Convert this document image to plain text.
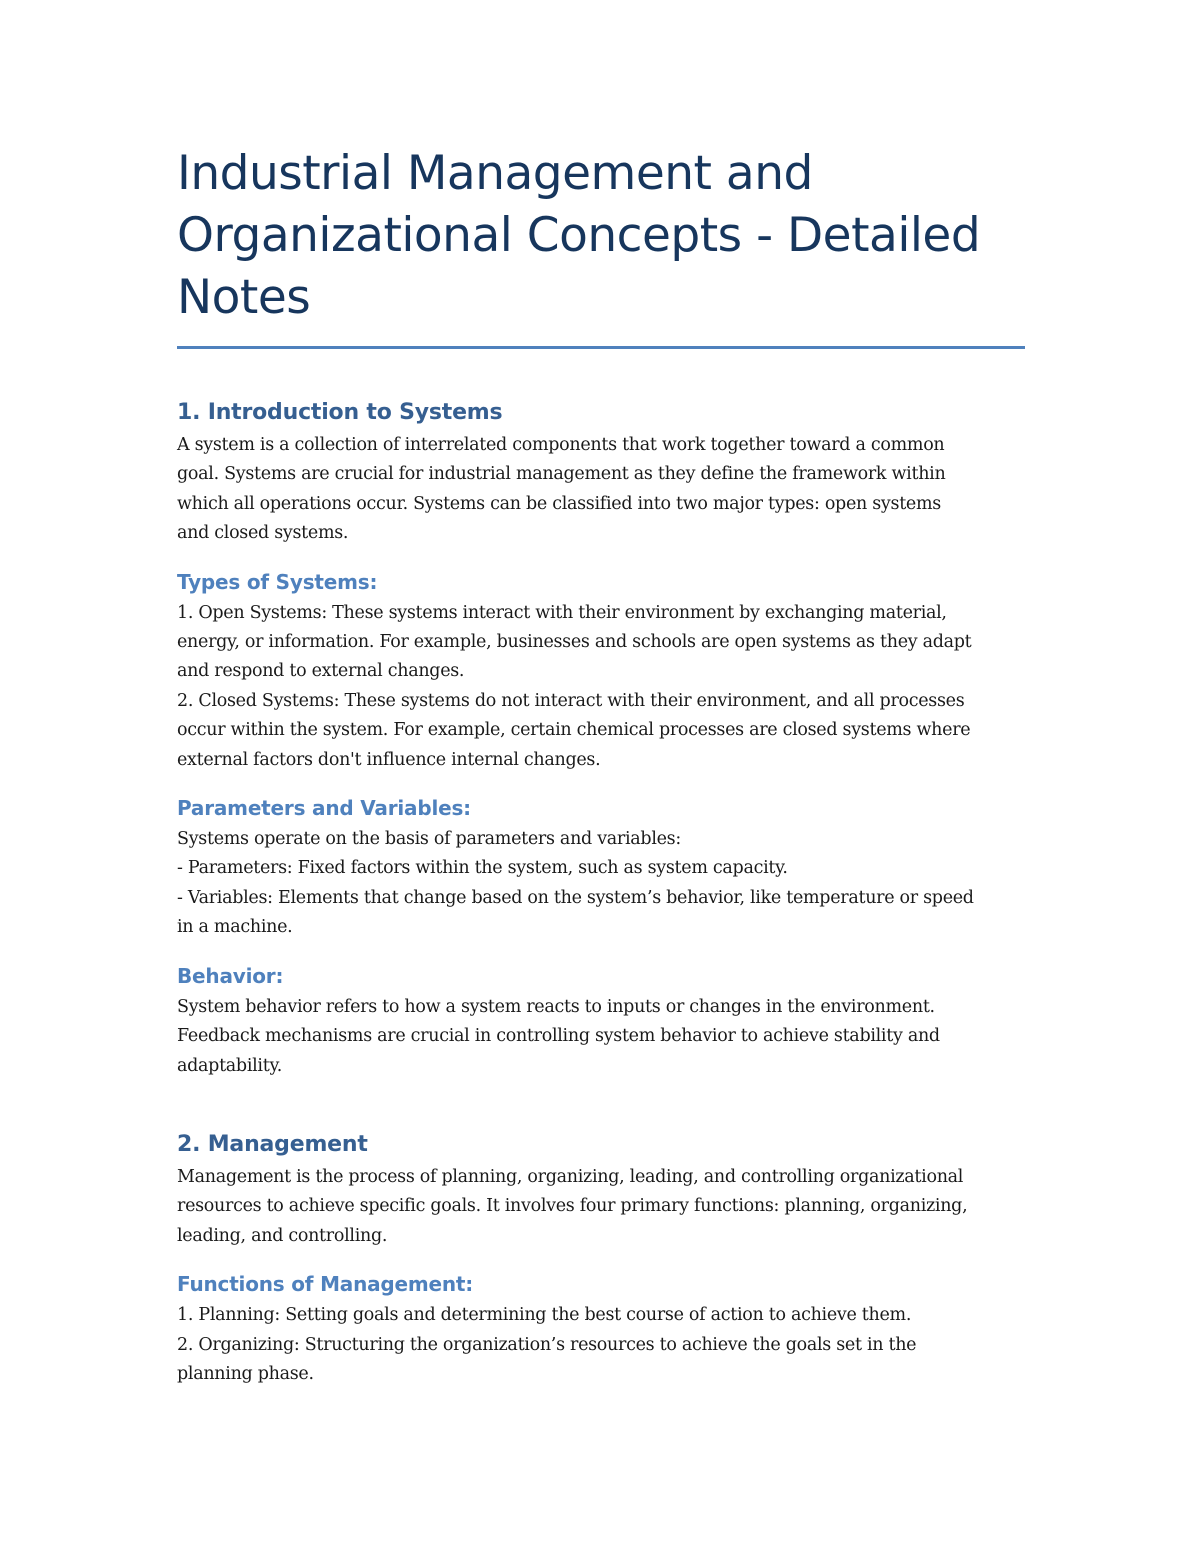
Industrial Management and
Organizational Concepts - Detailed
Notes
1. Introduction to Systems

A system is a collection of interrelated components that work together toward a common
goal. Systems are crucial for industrial management as they define the framework within
which all operations occur. Systems can be classified into two major types: open systems
and closed systems.

Types of Systems:

1. Open Systems: These systems interact with their environment by exchanging material,
energy, or information. For example, businesses and schools are open systems as they adapt
and respond to external changes.
2. Closed Systems: These systems do not interact with their environment, and all processes
occur within the system. For example, certain chemical processes are closed systems where
external factors don't influence internal changes.

Parameters and Variables:

Systems operate on the basis of parameters and variables:
- Parameters: Fixed factors within the system, such as system capacity.
- Variables: Elements that change based on the system’s behavior, like temperature or speed
in a machine.

Behavior:

System behavior refers to how a system reacts to inputs or changes in the environment.
Feedback mechanisms are crucial in controlling system behavior to achieve stability and
adaptability.

2. Management

Management is the process of planning, organizing, leading, and controlling organizational
resources to achieve specific goals. It involves four primary functions: planning, organizing,
leading, and controlling.

Functions of Management:

1. Planning: Setting goals and determining the best course of action to achieve them.
2. Organizing: Structuring the organization’s resources to achieve the goals set in the
planning phase.
